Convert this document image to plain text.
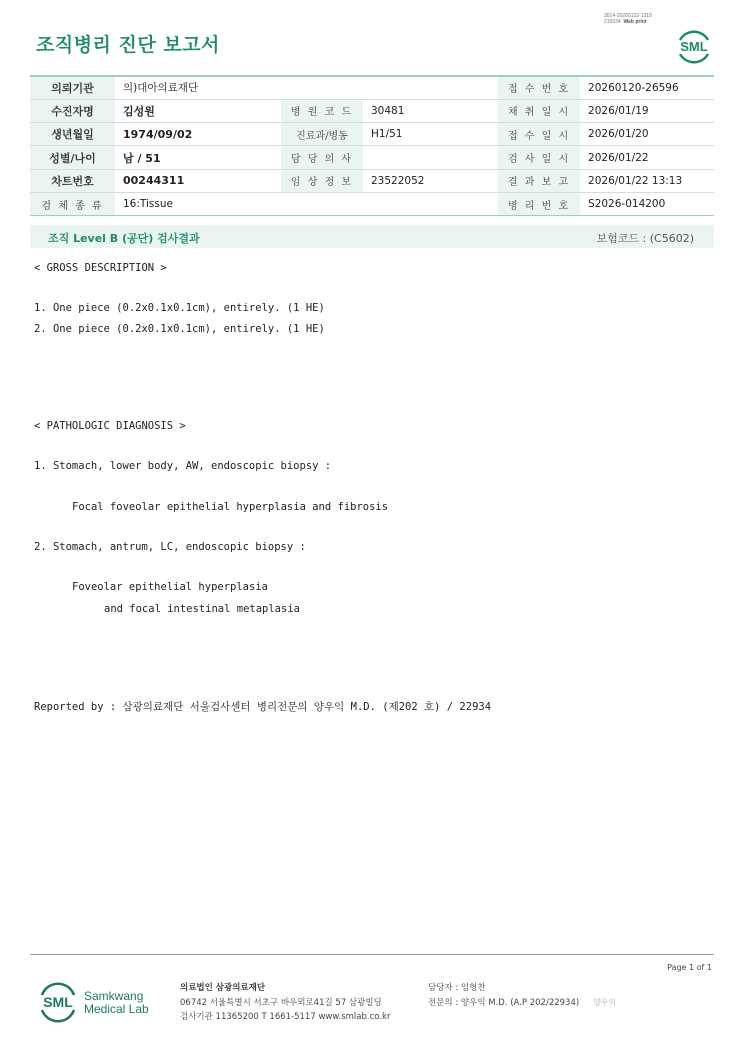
3014-20260122-1318
210034 Web print
조직병리 진단 보고서	SML
의뢰기관	의)대아의료재단			접 수 번 호	20260120-26596
수진자명	김성원	병 원 코 드	30481	채 취 일 시	2026/01/19
생년월일	1974/09/02	진료과/병동	H1/51	접 수 일 시	2026/01/20
성별/나이	남 / 51	담 당 의 사		검 사 일 시	2026/01/22
차트번호	00244311	임 상 정 보	23522052	결 과 보 고	2026/01/22 13:13
검 체 종 류	16:Tissue			병 리 번 호	S2026-014200
조직 Level B (공단) 검사결과	보험코드 : (C5602)
< GROSS DESCRIPTION >
1. One piece (0.2x0.1x0.1cm), entirely. (1 HE)
2. One piece (0.2x0.1x0.1cm), entirely. (1 HE)
< PATHOLOGIC DIAGNOSIS >
1. Stomach, lower body, AW, endoscopic biopsy :
Focal foveolar epithelial hyperplasia and fibrosis
2. Stomach, antrum, LC, endoscopic biopsy :
Foveolar epithelial hyperplasia
and focal intestinal metaplasia
Reported by : 삼광의료재단 서울검사센터 병리전문의 양우익 M.D. (제202 호) / 22934
Page 1 of 1
SML Samkwang
Medical Lab
의료법인 삼광의료재단
06742 서울특별시 서초구 바우뫼로41길 57 삼광빌딩
검사기관 11365200 T 1661-5117 www.smlab.co.kr
담당자 : 임형찬
전문의 : 양우익 M.D. (A.P 202/22934) 양우익
